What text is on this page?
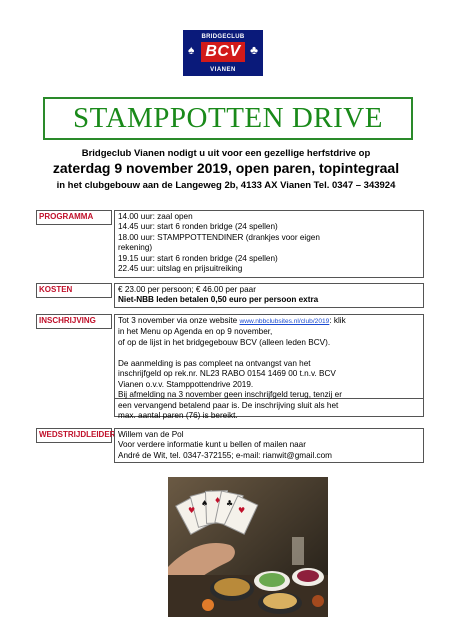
BRIDGECLUB
♠	♣
BCV
VIANEN
STAMPPOTTEN DRIVE
Bridgeclub Vianen nodigt u uit voor een gezellige herfstdrive op
zaterdag 9 november 2019, open paren, topintegraal
in het clubgebouw aan de Langeweg 2b, 4133 AX Vianen Tel. 0347 – 343924
PROGRAMMA	14.00 uur: zaal open
14.45 uur: start 6 ronden bridge (24 spellen)
18.00 uur: STAMPPOTTENDINER (drankjes voor eigen
rekening)
19.15 uur: start 6 ronden bridge (24 spellen)
22.45 uur: uitslag en prijsuitreiking
KOSTEN	€ 23.00 per persoon; € 46.00 per paar
Niet-NBB leden betalen 0,50 euro per persoon extra
INSCHRIJVING	Tot 3 november via onze website www.nbbclubsites.nl/club/2019: klik
in het Menu op Agenda en op 9 november,
of op de lijst in het bridgegebouw BCV (alleen leden BCV).
De aanmelding is pas compleet na ontvangst van het
inschrijfgeld op rek.nr. NL23 RABO 0154 1469 00 t.n.v. BCV
Vianen o.v.v. Stamppottendrive 2019.
Bij afmelding na 3 november geen inschrijfgeld terug, tenzij er
een vervangend betalend paar is. De inschrijving sluit als het
max. aantal paren (76) is bereikt.
WEDSTRIJDLEIDER Willem van de Pol
Voor verdere informatie kunt u bellen of mailen naar
André de Wit, tel. 0347-372155; e-mail: rianwit@gmail.com
♥
♠ ♦ ♣
♥
